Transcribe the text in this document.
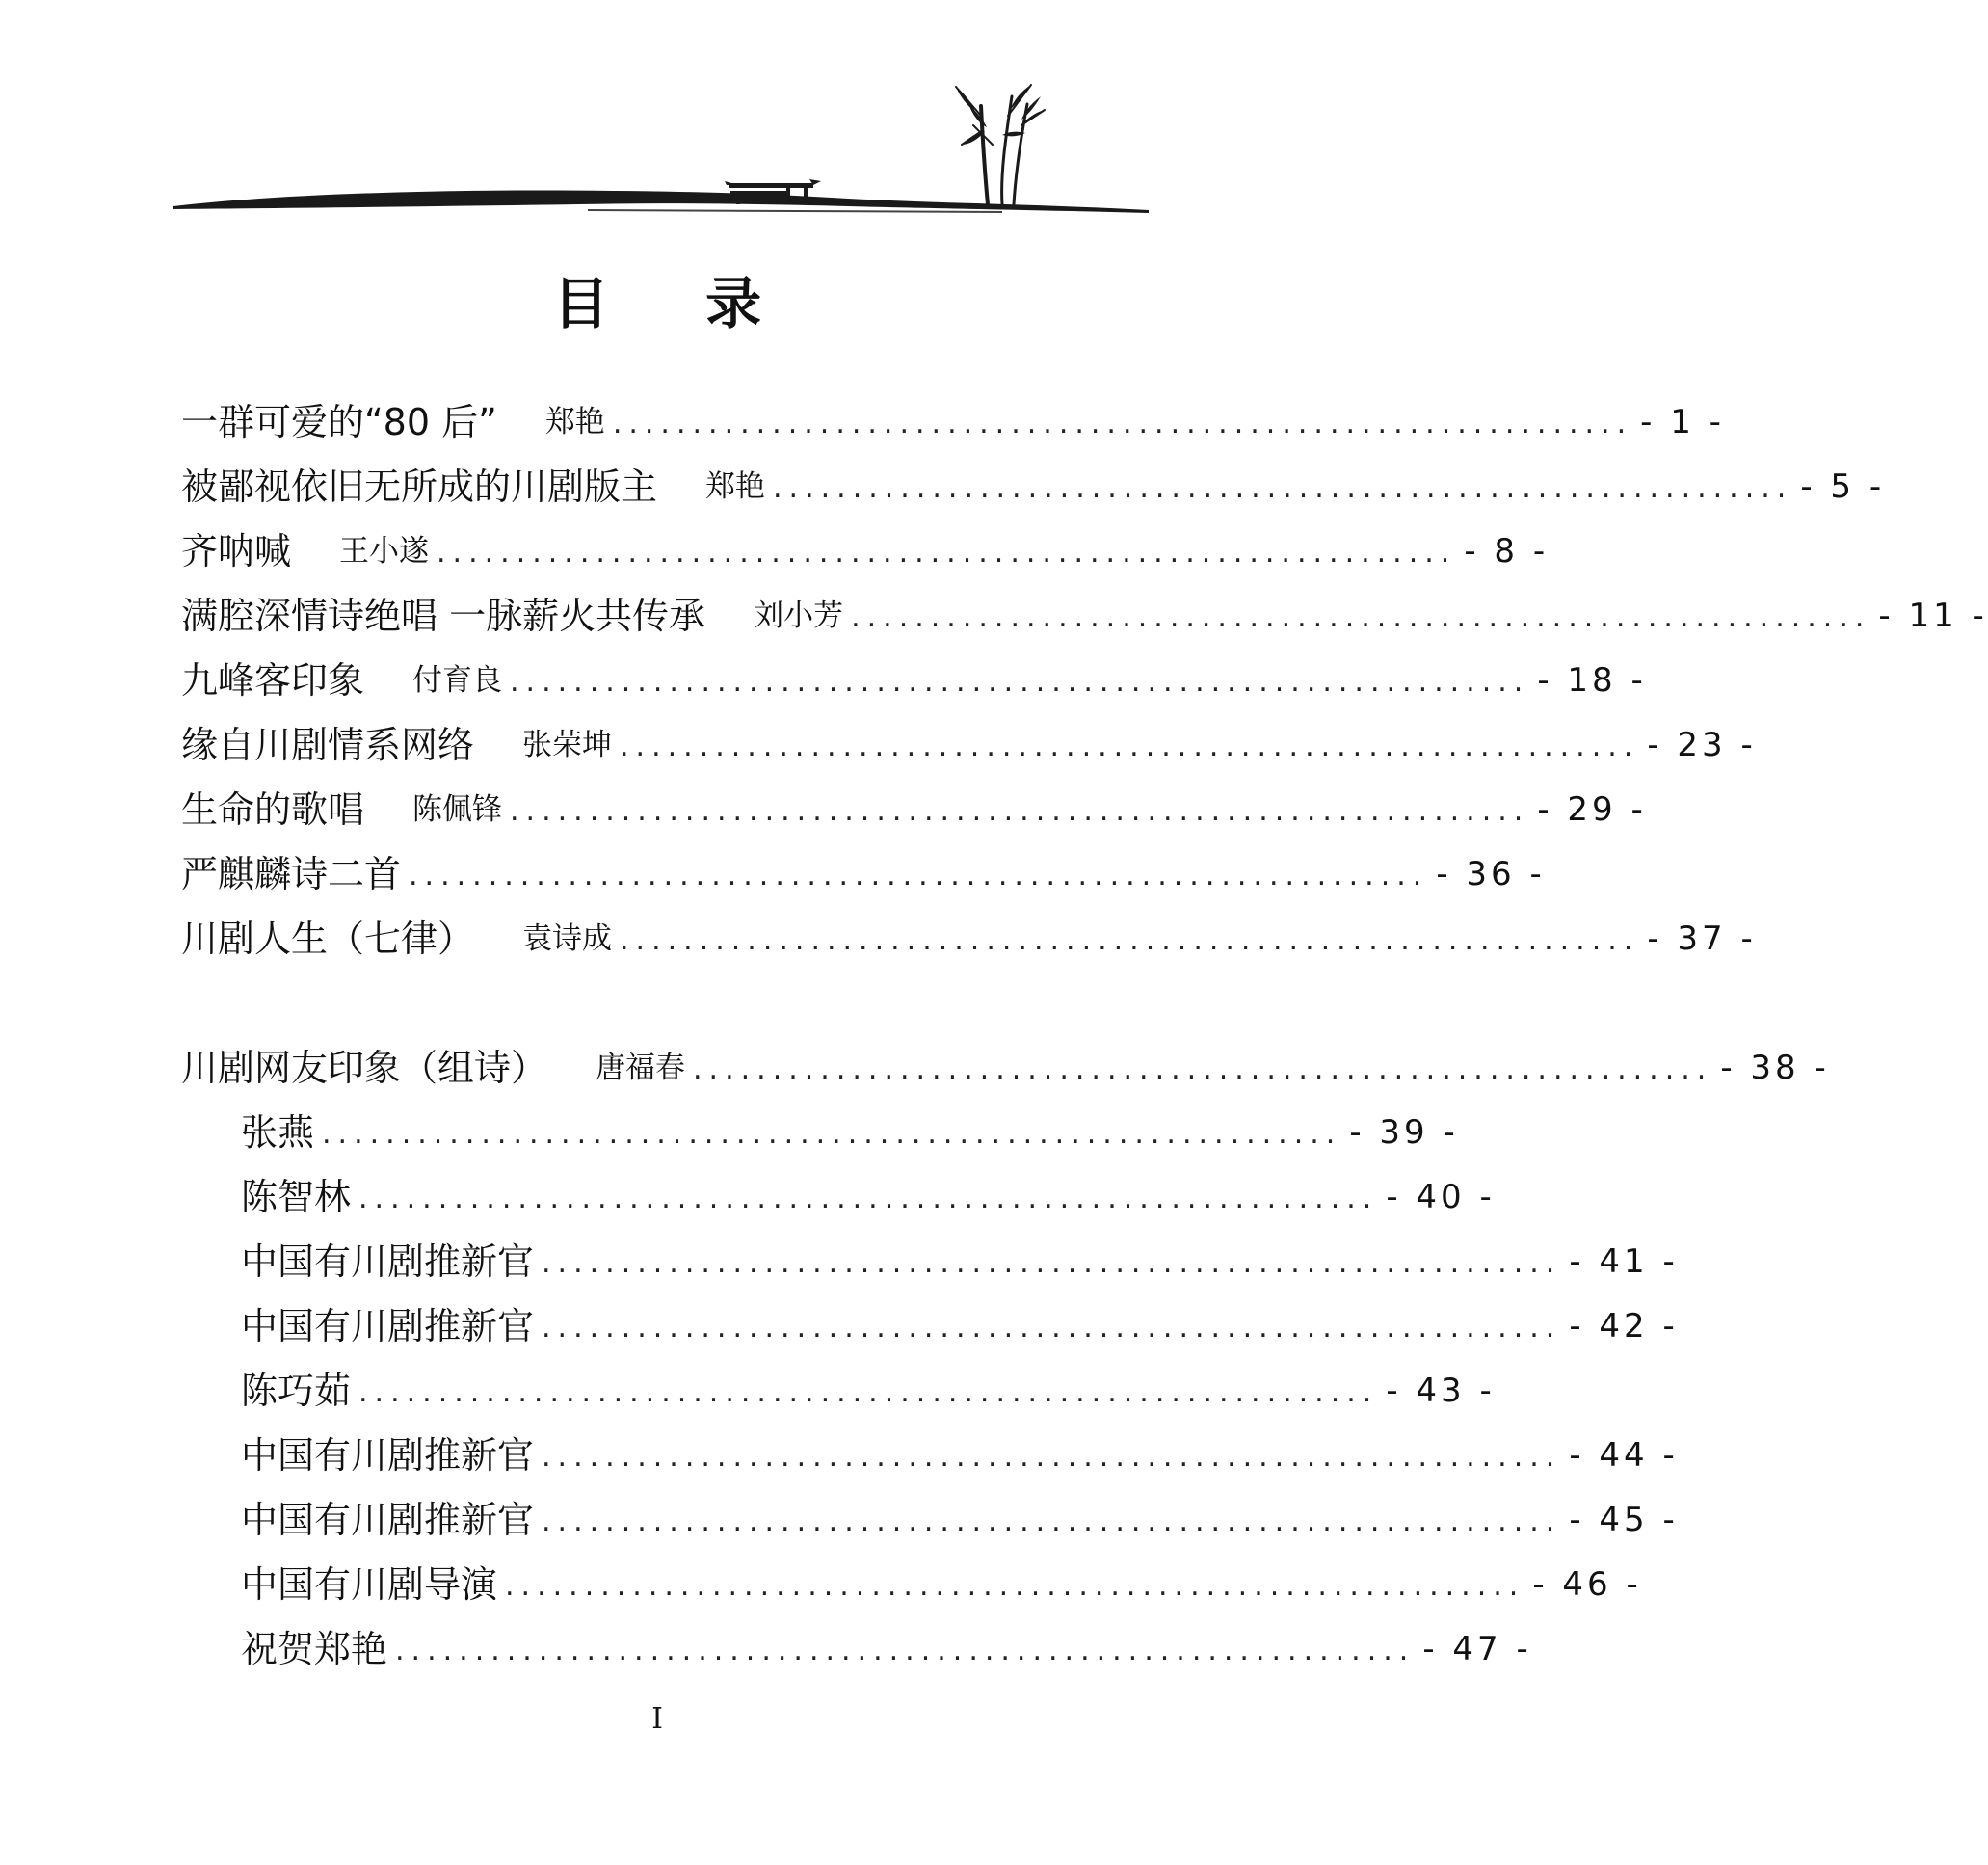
目 录
一群可爱的“80 后” 郑艳 ................................................................ - 1 -
被鄙视依旧无所成的川剧版主 郑艳 ................................................................ - 5 -
齐呐喊 王小遂 ................................................................ - 8 -
满腔深情诗绝唱 一脉薪火共传承 刘小芳 ................................................................ - 11 -
九峰客印象 付育良 ................................................................ - 18 -
缘自川剧情系网络 张荣坤 ................................................................ - 23 -
生命的歌唱 陈佩锋 ................................................................ - 29 -
严麒麟诗二首 ................................................................ - 36 -
川剧人生（七律） 袁诗成 ................................................................ - 37 -
川剧网友印象（组诗） 唐福春 ................................................................ - 38 -
张燕 ................................................................ - 39 -
陈智林 ................................................................ - 40 -
中国有川剧推新官 ................................................................ - 41 -
中国有川剧推新官 ................................................................ - 42 -
陈巧茹 ................................................................ - 43 -
中国有川剧推新官 ................................................................ - 44 -
中国有川剧推新官 ................................................................ - 45 -
中国有川剧导演 ................................................................ - 46 -
祝贺郑艳 ................................................................ - 47 -
I
